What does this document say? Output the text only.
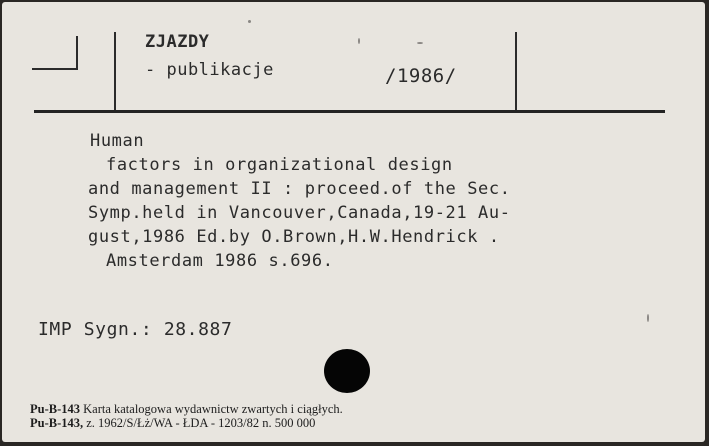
ZJAZDY
- publikacje	/1986/
Human
factors in organizational design
and management II : proceed.of the Sec.
Symp.held in Vancouver,Canada,19-21 Au-
gust,1986 Ed.by O.Brown,H.W.Hendrick .
Amsterdam 1986 s.696.
IMP Sygn.: 28.887
Pu-B-143 Karta katalogowa wydawnictw zwartych i ciągłych.
Pu-B-143, z. 1962/S/Łż/WA - ŁDA - 1203/82 n. 500 000
